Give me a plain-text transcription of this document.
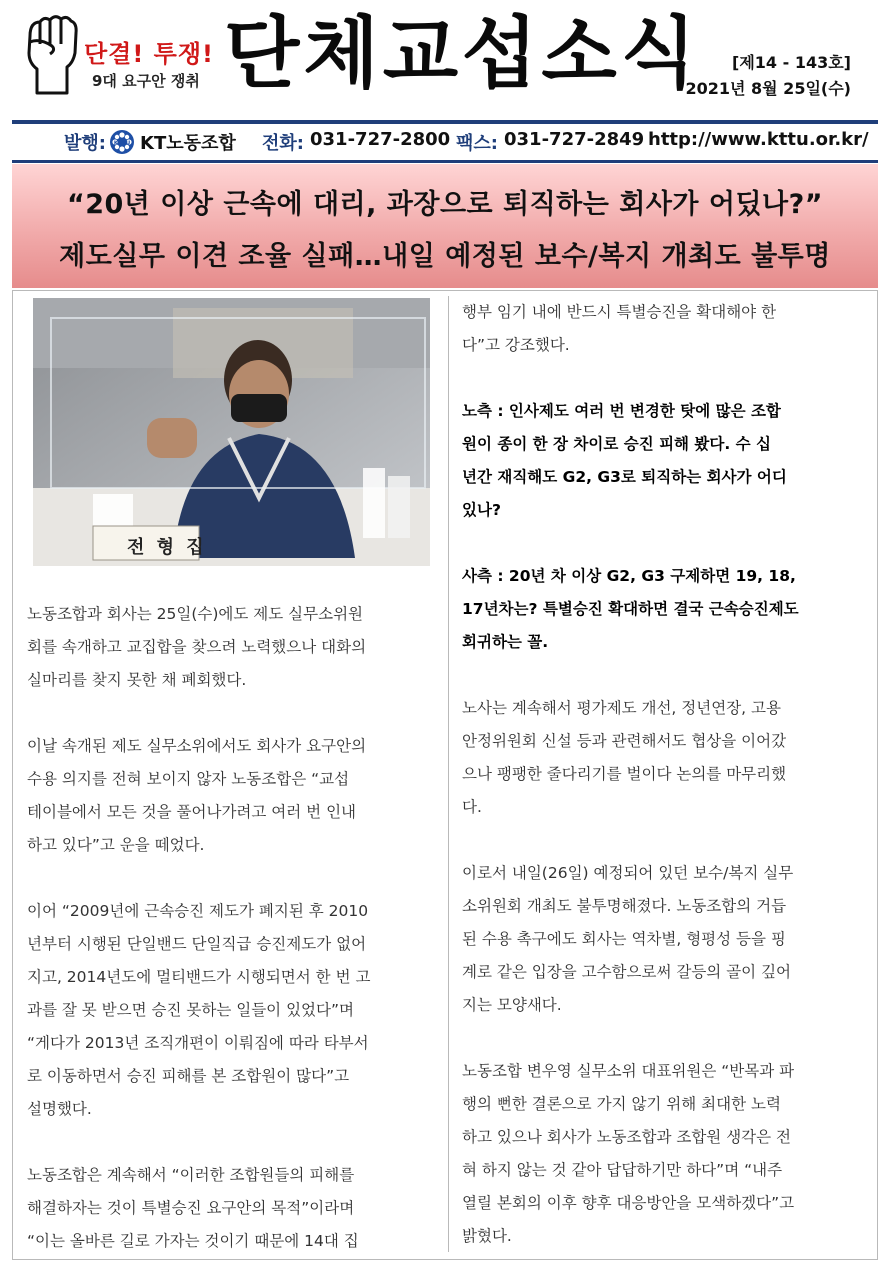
단결! 투쟁!
9대 요구안 쟁취 단체교섭소식 [제14 - 143호]
2021년 8월 25일(수)
발행: KTTU KT노동조합 전화: 031-727-2800 팩스: 031-727-2849 http://www.kttu.or.kr/
“20년 이상 근속에 대리, 과장으로 퇴직하는 회사가 어딨나?”
제도실무 이견 조율 실패…내일 예정된 보수/복지 개최도 불투명
전 형 집

노동조합과 회사는 25일(수)에도 제도 실무소위원

회를 속개하고 교집합을 찾으려 노력했으나 대화의

실마리를 찾지 못한 채 폐회했다.

이날 속개된 제도 실무소위에서도 회사가 요구안의

수용 의지를 전혀 보이지 않자 노동조합은 “교섭

테이블에서 모든 것을 풀어나가려고 여러 번 인내

하고 있다”고 운을 떼었다.

이어 “2009년에 근속승진 제도가 폐지된 후 2010

년부터 시행된 단일밴드 단일직급 승진제도가 없어

지고, 2014년도에 멀티밴드가 시행되면서 한 번 고

과를 잘 못 받으면 승진 못하는 일들이 있었다”며

“게다가 2013년 조직개편이 이뤄짐에 따라 타부서

로 이동하면서 승진 피해를 본 조합원이 많다”고

설명했다.

노동조합은 계속해서 “이러한 조합원들의 피해를

해결하자는 것이 특별승진 요구안의 목적”이라며

“이는 올바른 길로 가자는 것이기 때문에 14대 집

행부 임기 내에 반드시 특별승진을 확대해야 한

다”고 강조했다.

노측 : 인사제도 여러 번 변경한 탓에 많은 조합

원이 종이 한 장 차이로 승진 피해 봤다. 수 십

년간 재직해도 G2, G3로 퇴직하는 회사가 어디

있나?

사측 : 20년 차 이상 G2, G3 구제하면 19, 18,

17년차는? 특별승진 확대하면 결국 근속승진제도

회귀하는 꼴.

노사는 계속해서 평가제도 개선, 정년연장, 고용

안정위원회 신설 등과 관련해서도 협상을 이어갔

으나 팽팽한 줄다리기를 벌이다 논의를 마무리했

다.

이로서 내일(26일) 예정되어 있던 보수/복지 실무

소위원회 개최도 불투명해졌다. 노동조합의 거듭

된 수용 촉구에도 회사는 역차별, 형평성 등을 핑

계로 같은 입장을 고수함으로써 갈등의 골이 깊어

지는 모양새다.

노동조합 변우영 실무소위 대표위원은 “반목과 파

행의 뻔한 결론으로 가지 않기 위해 최대한 노력

하고 있으나 회사가 노동조합과 조합원 생각은 전

혀 하지 않는 것 같아 답답하기만 하다”며 “내주

열릴 본회의 이후 향후 대응방안을 모색하겠다”고

밝혔다.
